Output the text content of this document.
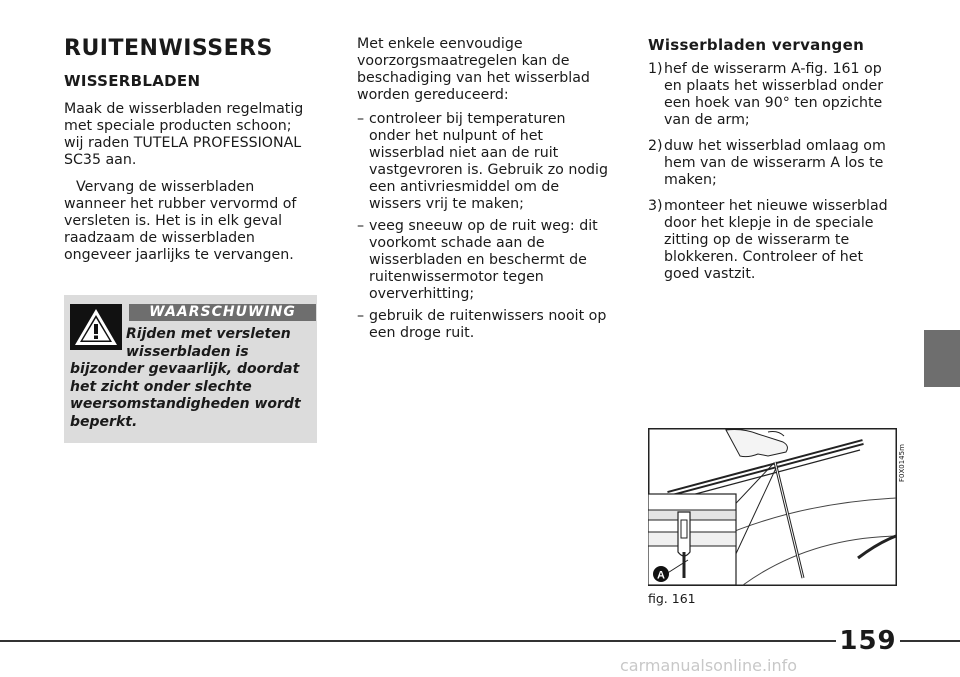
RUITENWISSERS
WISSERBLADEN

Maak de wisserbladen regelmatig
met speciale producten schoon;
wij raden TUTELA PROFESSIONAL
SC35 aan.

Vervang de wisserbladen wanneer het rubber vervormd of versleten is. Het is in elk geval raadzaam de wisserbladen ongeveer jaarlijks te vervangen.

WAARSCHUWING
Rijden met versleten wisserbladen is bijzonder gevaarlijk, doordat het zicht onder slechte weersomstandigheden wordt beperkt.

Met enkele eenvoudige voorzorgsmaatregelen kan de beschadiging van het wisserblad worden gereduceerd:

– controleer bij temperaturen onder het nulpunt of het wisserblad niet aan de ruit vastgevroren is. Gebruik zo nodig een antivriesmiddel om de wissers vrij te maken;
– veeg sneeuw op de ruit weg: dit voorkomt schade aan de wisserbladen en beschermt de ruitenwissermotor tegen oververhitting;
– gebruik de ruitenwissers nooit op een droge ruit.
Wisserbladen vervangen
1) hef de wisserarm A-fig. 161 op en plaats het wisserblad onder een hoek van 90° ten opzichte van de arm;
2) duw het wisserblad omlaag om hem van de wisserarm A los te maken;
3) monteer het nieuwe wisserblad door het klepje in de speciale zitting op de wisserarm te blokkeren. Controleer of het goed vastzit.
A
F0X0145m
fig. 161
159
carmanualsonline.info
